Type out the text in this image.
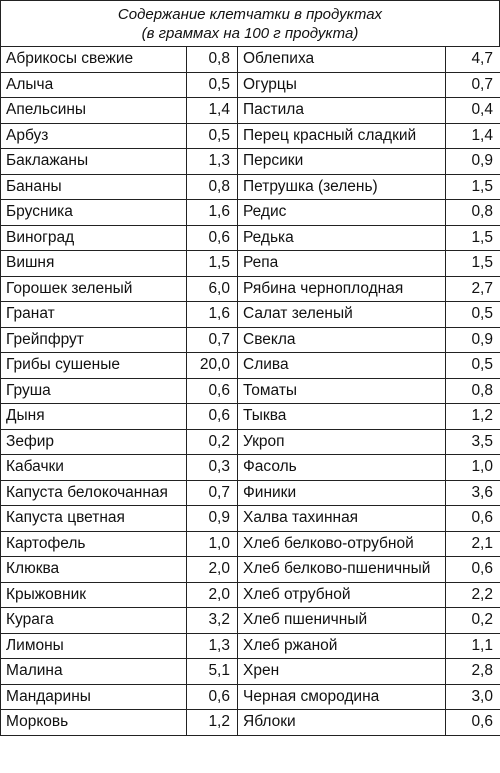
Содержание клетчатки в продуктах
(в граммах на 100 г продукта)
Абрикосы свежие	0,8	Облепиха	4,7
Алыча	0,5	Огурцы	0,7
Апельсины	1,4	Пастила	0,4
Арбуз	0,5	Перец красный сладкий	1,4
Баклажаны	1,3	Персики	0,9
Бананы	0,8	Петрушка (зелень)	1,5
Брусника	1,6	Редис	0,8
Виноград	0,6	Редька	1,5
Вишня	1,5	Репа	1,5
Горошек зеленый	6,0	Рябина черноплодная	2,7
Гранат	1,6	Салат зеленый	0,5
Грейпфрут	0,7	Свекла	0,9
Грибы сушеные	20,0	Слива	0,5
Груша	0,6	Томаты	0,8
Дыня	0,6	Тыква	1,2
Зефир	0,2	Укроп	3,5
Кабачки	0,3	Фасоль	1,0
Капуста белокочанная	0,7	Финики	3,6
Капуста цветная	0,9	Халва тахинная	0,6
Картофель	1,0	Хлеб белково-отрубной	2,1
Клюква	2,0	Хлеб белково-пшеничный	0,6
Крыжовник	2,0	Хлеб отрубной	2,2
Курага	3,2	Хлеб пшеничный	0,2
Лимоны	1,3	Хлеб ржаной	1,1
Малина	5,1	Хрен	2,8
Мандарины	0,6	Черная смородина	3,0
Морковь	1,2	Яблоки	0,6
